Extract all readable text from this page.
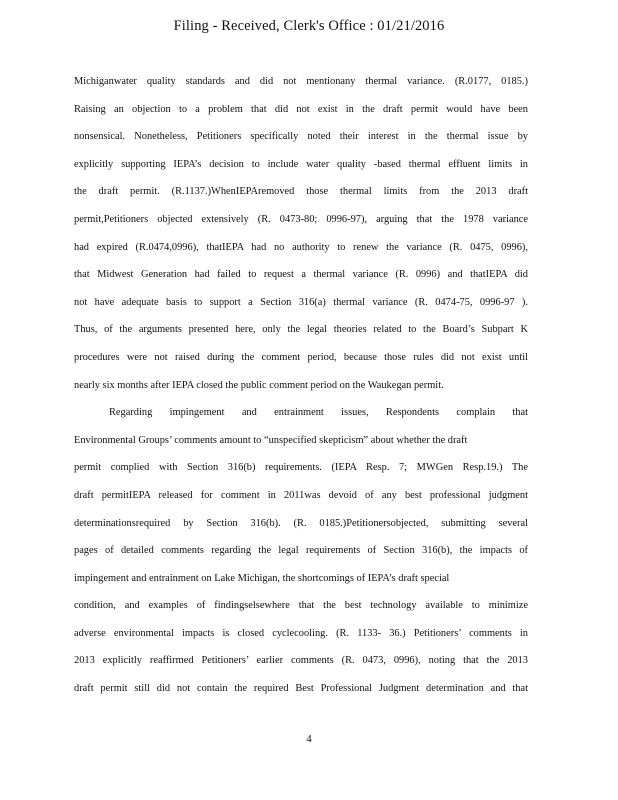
Filing - Received, Clerk's Office : 01/21/2016
Michiganwater quality standards and did not mentionany thermal variance. (R.0177, 0185.)
Raising an objection to a problem that did not exist in the draft permit would have been
nonsensical. Nonetheless, Petitioners specifically noted their interest in the thermal issue by
explicitly supporting IEPA’s decision to include water quality -based thermal effluent limits in
the draft permit. (R.1137.)WhenIEPAremoved those thermal limits from the 2013 draft
permit,Petitioners objected extensively (R. 0473-80; 0996-97), arguing that the 1978 variance
had expired (R.0474,0996), thatIEPA had no authority to renew the variance (R. 0475, 0996),
that Midwest Generation had failed to request a thermal variance (R. 0996) and thatIEPA did
not have adequate basis to support a Section 316(a) thermal variance (R. 0474-75, 0996-97 ).
Thus, of the arguments presented here, only the legal theories related to the Board’s Subpart K
procedures were not raised during the comment period, because those rules did not exist until
nearly six months after IEPA closed the public comment period on the Waukegan permit.
Regarding impingement and entrainment issues, Respondents complain that
Environmental Groups’ comments amount to “unspecified skepticism” about whether the draft
permit complied with Section 316(b) requirements. (IEPA Resp. 7; MWGen Resp.19.) The
draft permitIEPA released for comment in 2011was devoid of any best professional judgment
determinationsrequired by Section 316(b). (R. 0185.)Petitionersobjected, submitting several
pages of detailed comments regarding the legal requirements of Section 316(b), the impacts of
impingement and entrainment on Lake Michigan, the shortcomings of IEPA’s draft special
condition, and examples of findingselsewhere that the best technology available to minimize
adverse environmental impacts is closed cyclecooling. (R. 1133- 36.) Petitioners’ comments in
2013 explicitly reaffirmed Petitioners’ earlier comments (R. 0473, 0996), noting that the 2013
draft permit still did not contain the required Best Professional Judgment determination and that
4
